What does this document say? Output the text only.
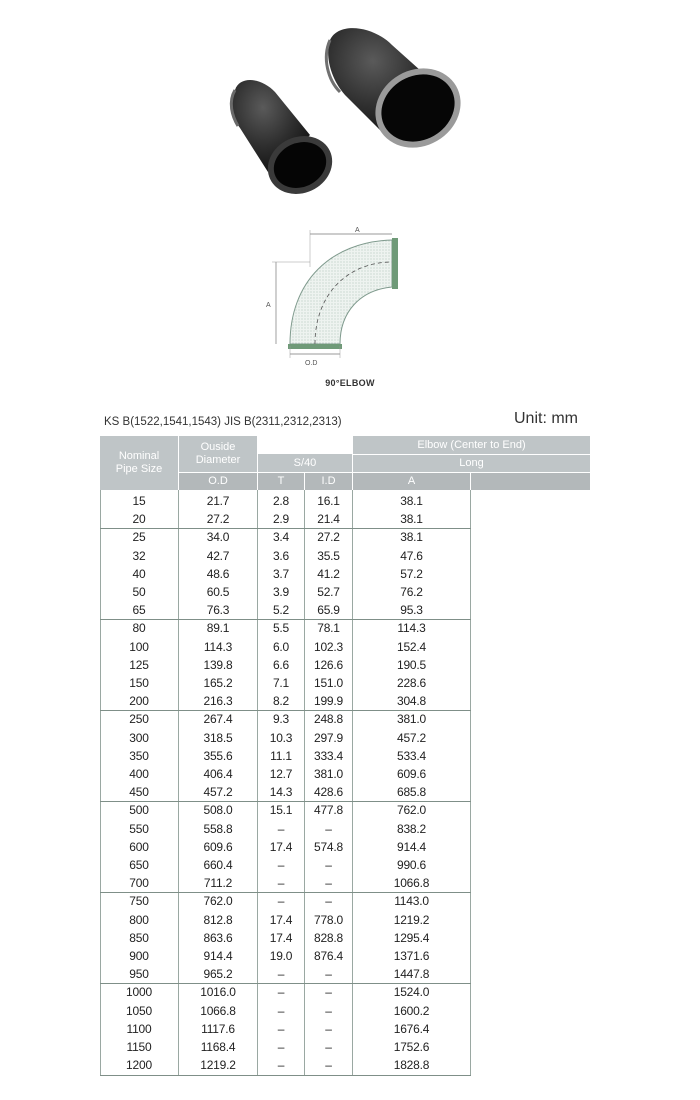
A
A
O.D
90°ELBOW
KS B(1522,1541,1543) JIS B(2311,2312,2313)	Unit: mm
Nominal Pipe Size
Ouside Diameter
O.D
S/40
T	I.D
Elbow (Center to End)
Long
A
15
20
25
32
40
50
65
80
100
125
150
200
250
300
350
400
450
500
550
600
650
700
750
800
850
900
950
1000
1050
1100
1150
1200
21.7
27.2
34.0
42.7
48.6
60.5
76.3
89.1
114.3
139.8
165.2
216.3
267.4
318.5
355.6
406.4
457.2
508.0
558.8
609.6
660.4
711.2
762.0
812.8
863.6
914.4
965.2
1016.0
1066.8
1117.6
1168.4
1219.2
2.8
2.9
3.4
3.6
3.7
3.9
5.2
5.5
6.0
6.6
7.1
8.2
9.3
10.3
11.1
12.7
14.3
15.1
–
17.4
–
–
–
17.4
17.4
19.0
–
–
–
–
–
–
16.1
21.4
27.2
35.5
41.2
52.7
65.9
78.1
102.3
126.6
151.0
199.9
248.8
297.9
333.4
381.0
428.6
477.8
–
574.8
–
–
–
778.0
828.8
876.4
–
–
–
–
–
–
38.1
38.1
38.1
47.6
57.2
76.2
95.3
114.3
152.4
190.5
228.6
304.8
381.0
457.2
533.4
609.6
685.8
762.0
838.2
914.4
990.6
1066.8
1143.0
1219.2
1295.4
1371.6
1447.8
1524.0
1600.2
1676.4
1752.6
1828.8
